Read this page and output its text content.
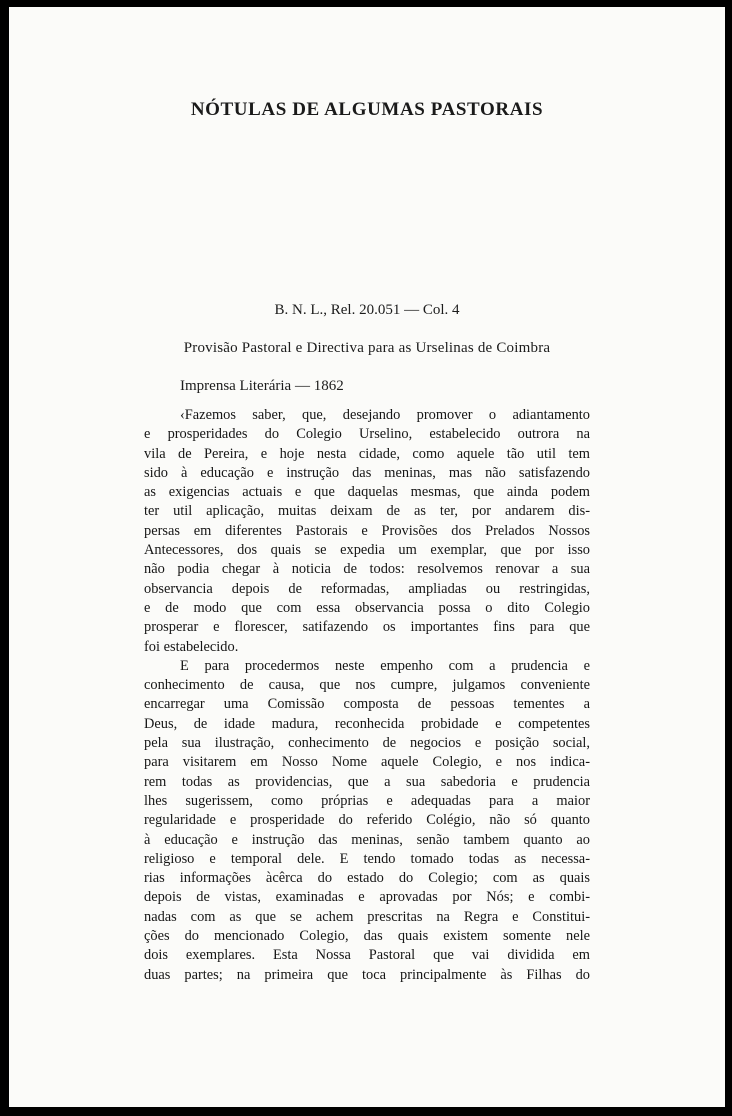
NÓTULAS DE ALGUMAS PASTORAIS

B. N. L., Rel. 20.051 — Col. 4

Provisão Pastoral e Directiva para as Urselinas de Coimbra

Imprensa Literária — 1862

‹Fazemos saber, que, desejando promover o adiantamento
e prosperidades do Colegio Urselino, estabelecido outrora na
vila de Pereira, e hoje nesta cidade, como aquele tão util tem
sido à educação e instrução das meninas, mas não satisfazendo
as exigencias actuais e que daquelas mesmas, que ainda podem
ter util aplicação, muitas deixam de as ter, por andarem dis-
persas em diferentes Pastorais e Provisões dos Prelados Nossos
Antecessores, dos quais se expedia um exemplar, que por isso
não podia chegar à noticia de todos: resolvemos renovar a sua
observancia depois de reformadas, ampliadas ou restringidas,
e de modo que com essa observancia possa o dito Colegio
prosperar e florescer, satifazendo os importantes fins para que
foi estabelecido.
E para procedermos neste empenho com a prudencia e
conhecimento de causa, que nos cumpre, julgamos conveniente
encarregar uma Comissão composta de pessoas tementes a
Deus, de idade madura, reconhecida probidade e competentes
pela sua ilustração, conhecimento de negocios e posição social,
para visitarem em Nosso Nome aquele Colegio, e nos indica-
rem todas as providencias, que a sua sabedoria e prudencia
lhes sugerissem, como próprias e adequadas para a maior
regularidade e prosperidade do referido Colégio, não só quanto
à educação e instrução das meninas, senão tambem quanto ao
religioso e temporal dele. E tendo tomado todas as necessa-
rias informações àcêrca do estado do Colegio; com as quais
depois de vistas, examinadas e aprovadas por Nós; e combi-
nadas com as que se achem prescritas na Regra e Constitui-
ções do mencionado Colegio, das quais existem somente nele
dois exemplares. Esta Nossa Pastoral que vai dividida em
duas partes; na primeira que toca principalmente às Filhas do
